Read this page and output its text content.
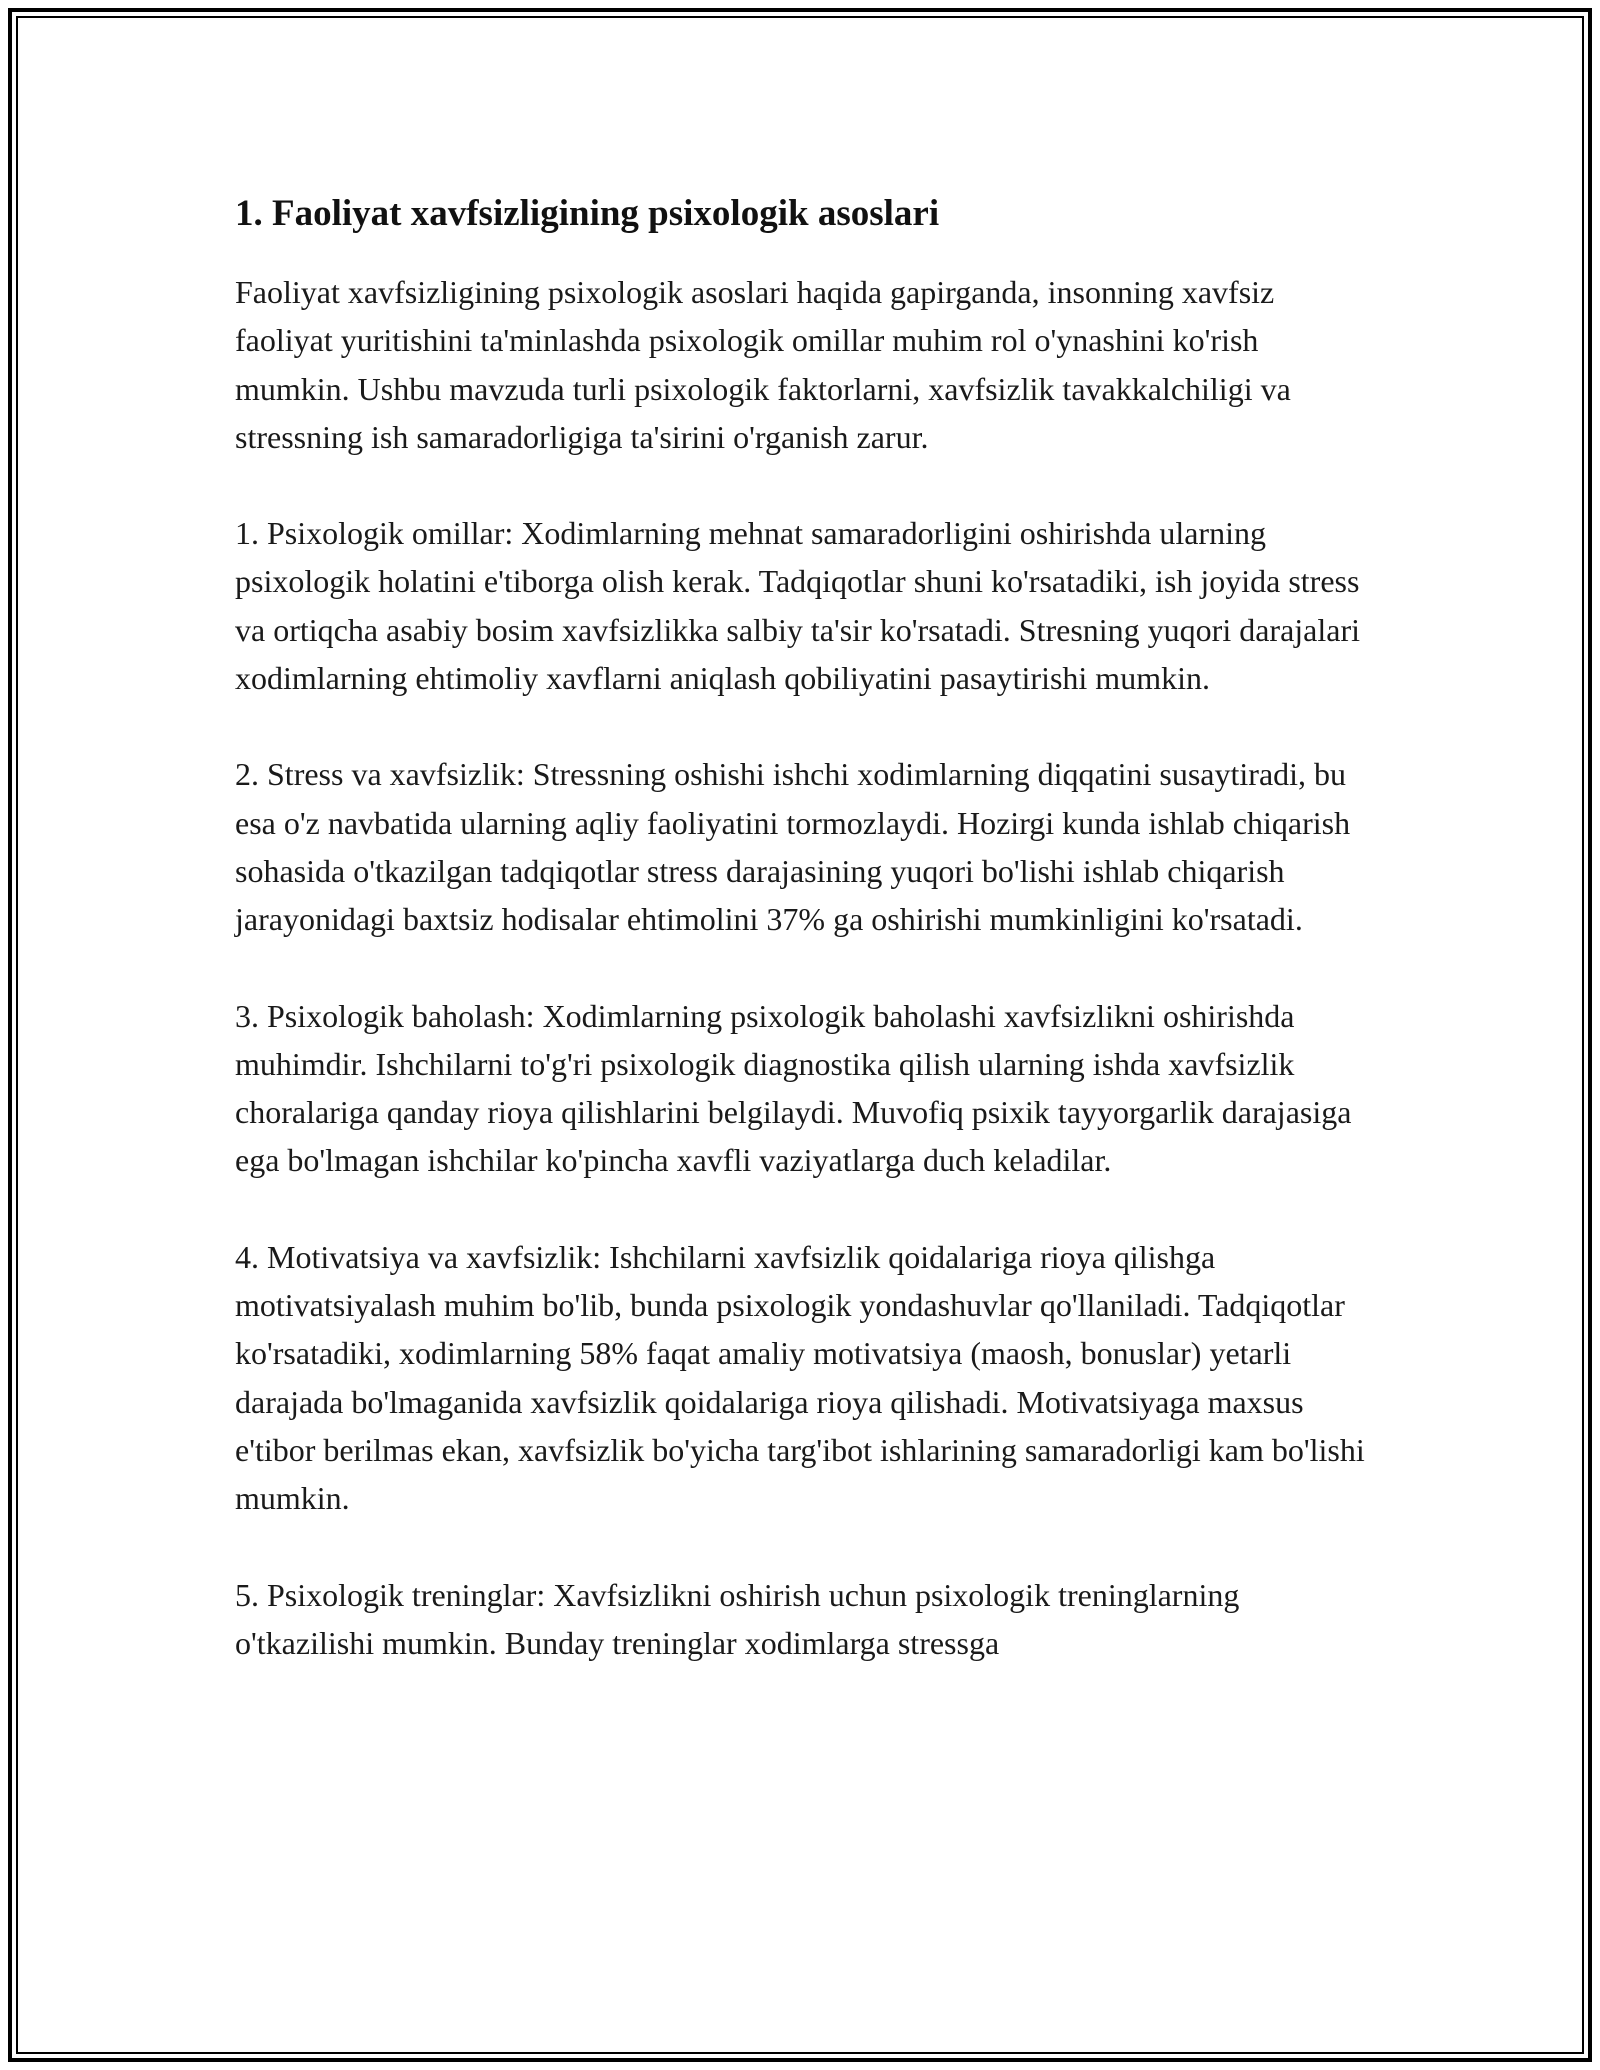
1. Faoliyat xavfsizligining psixologik asoslari

Faoliyat xavfsizligining psixologik asoslari haqida gapirganda, insonning xavfsiz faoliyat yuritishini ta'minlashda psixologik omillar muhim rol o'ynashini ko'rish mumkin. Ushbu mavzuda turli psixologik faktorlarni, xavfsizlik tavakkalchiligi va stressning ish samaradorligiga ta'sirini o'rganish zarur.

1. Psixologik omillar: Xodimlarning mehnat samaradorligini oshirishda ularning psixologik holatini e'tiborga olish kerak. Tadqiqotlar shuni ko'rsatadiki, ish joyida stress va ortiqcha asabiy bosim xavfsizlikka salbiy ta'sir ko'rsatadi. Stresning yuqori darajalari xodimlarning ehtimoliy xavflarni aniqlash qobiliyatini pasaytirishi mumkin.

2. Stress va xavfsizlik: Stressning oshishi ishchi xodimlarning diqqatini susaytiradi, bu esa o'z navbatida ularning aqliy faoliyatini tormozlaydi. Hozirgi kunda ishlab chiqarish sohasida o'tkazilgan tadqiqotlar stress darajasining yuqori bo'lishi ishlab chiqarish jarayonidagi baxtsiz hodisalar ehtimolini 37% ga oshirishi mumkinligini ko'rsatadi.

3. Psixologik baholash: Xodimlarning psixologik baholashi xavfsizlikni oshirishda muhimdir. Ishchilarni to'g'ri psixologik diagnostika qilish ularning ishda xavfsizlik choralariga qanday rioya qilishlarini belgilaydi. Muvofiq psixik tayyorgarlik darajasiga ega bo'lmagan ishchilar ko'pincha xavfli vaziyatlarga duch keladilar.

4. Motivatsiya va xavfsizlik: Ishchilarni xavfsizlik qoidalariga rioya qilishga motivatsiyalash muhim bo'lib, bunda psixologik yondashuvlar qo'llaniladi. Tadqiqotlar ko'rsatadiki, xodimlarning 58% faqat amaliy motivatsiya (maosh, bonuslar) yetarli darajada bo'lmaganida xavfsizlik qoidalariga rioya qilishadi. Motivatsiyaga maxsus e'tibor berilmas ekan, xavfsizlik bo'yicha targ'ibot ishlarining samaradorligi kam bo'lishi mumkin.

5. Psixologik treninglar: Xavfsizlikni oshirish uchun psixologik treninglarning o'tkazilishi mumkin. Bunday treninglar xodimlarga stressga
